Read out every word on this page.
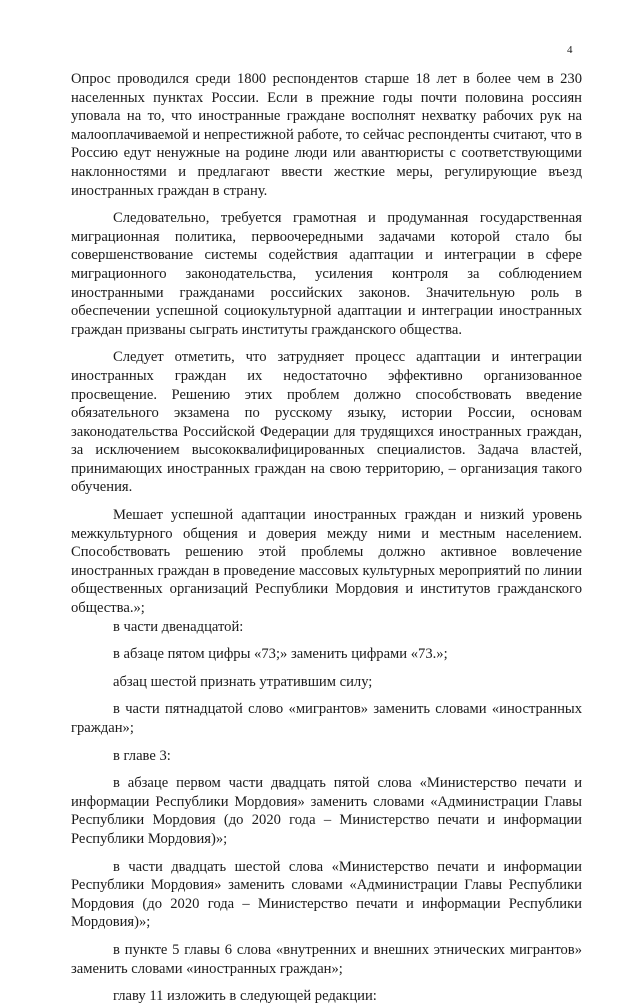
4

Опрос проводился среди 1800 респондентов старше 18 лет в более чем в 230 населенных пунктах России. Если в прежние годы почти половина россиян уповала на то, что иностранные граждане восполнят нехватку рабочих рук на малооплачиваемой и непрестижной работе, то сейчас респонденты считают, что в Россию едут ненужные на родине люди или авантюристы с соответствующими наклонностями и предлагают ввести жесткие меры, регулирующие въезд иностранных граждан в страну.

Следовательно, требуется грамотная и продуманная государственная миграционная политика, первоочередными задачами которой стало бы совершенствование системы содействия адаптации и интеграции в сфере миграционного законодательства, усиления контроля за соблюдением иностранными гражданами российских законов. Значительную роль в обеспечении успешной социокультурной адаптации и интеграции иностранных граждан призваны сыграть институты гражданского общества.

Следует отметить, что затрудняет процесс адаптации и интеграции иностранных граждан их недостаточно эффективно организованное просвещение. Решению этих проблем должно способствовать введение обязательного экзамена по русскому языку, истории России, основам законодательства Российской Федерации для трудящихся иностранных граждан, за исключением высококвалифицированных специалистов. Задача властей, принимающих иностранных граждан на свою территорию, – организация такого обучения.

Мешает успешной адаптации иностранных граждан и низкий уровень межкультурного общения и доверия между ними и местным населением. Способствовать решению этой проблемы должно активное вовлечение иностранных граждан в проведение массовых культурных мероприятий по линии общественных организаций Республики Мордовия и институтов гражданского общества.»;

в части двенадцатой:

в абзаце пятом цифры «73;» заменить цифрами «73.»;

абзац шестой признать утратившим силу;

в части пятнадцатой слово «мигрантов» заменить словами «иностранных граждан»;

в главе 3:

в абзаце первом части двадцать пятой слова «Министерство печати и информации Республики Мордовия» заменить словами «Администрации Главы Республики Мордовия (до 2020 года – Министерство печати и информации Республики Мордовия)»;

в части двадцать шестой слова «Министерство печати и информации Республики Мордовия» заменить словами «Администрации Главы Республики Мордовия (до 2020 года – Министерство печати и информации Республики Мордовия)»;

в пункте 5 главы 6 слова «внутренних и внешних этнических мигрантов» заменить словами «иностранных граждан»;

главу 11 изложить в следующей редакции:
